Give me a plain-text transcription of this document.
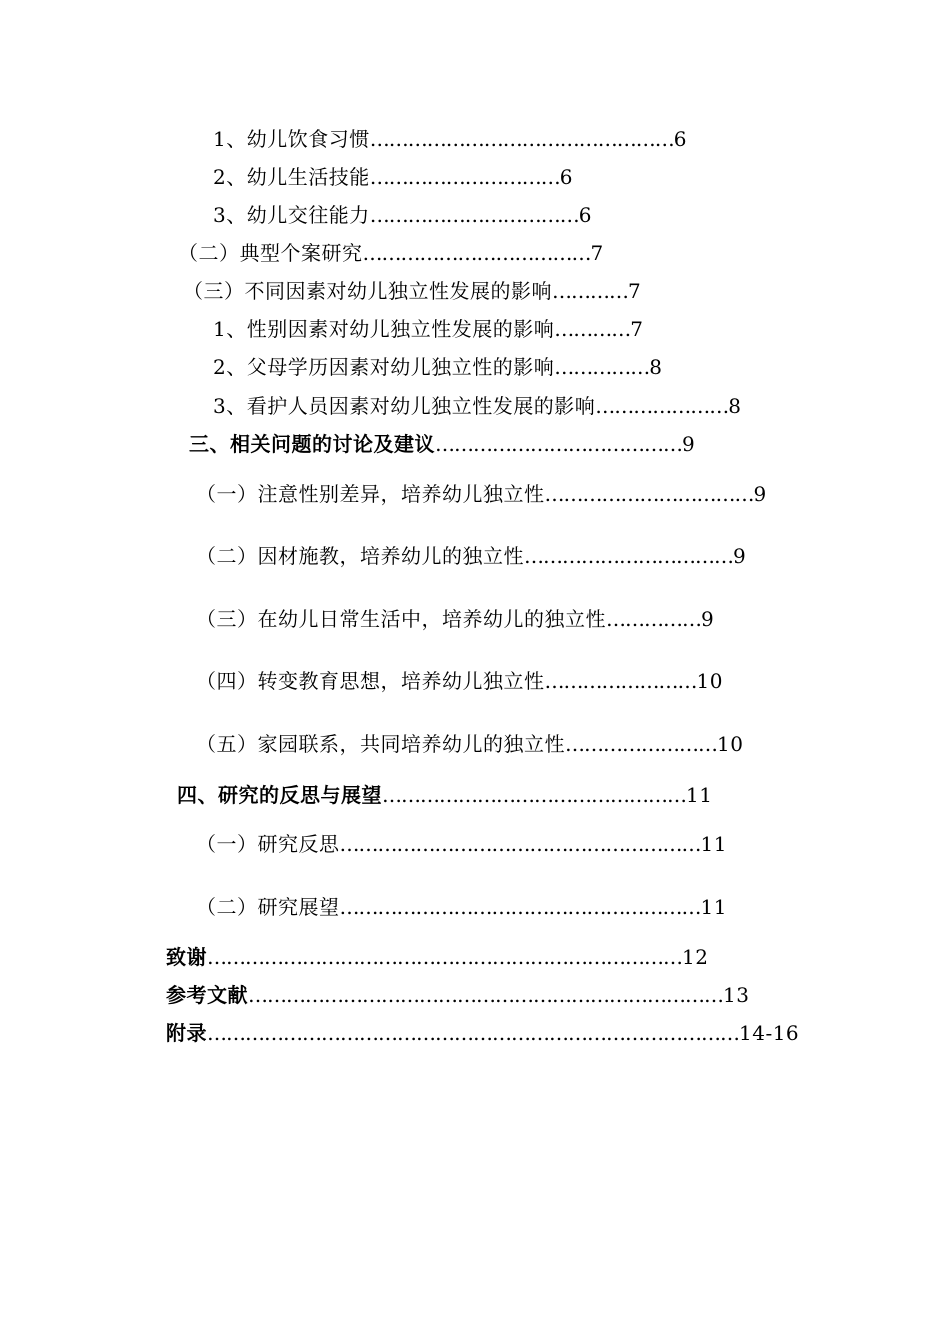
1、幼儿饮食习惯…………………………………………6
2、幼儿生活技能…………………………6
3、幼儿交往能力……………………………6
（二）典型个案研究………………………………7
（三）不同因素对幼儿独立性发展的影响…………7
1、性别因素对幼儿独立性发展的影响…………7
2、父母学历因素对幼儿独立性的影响……………8
3、看护人员因素对幼儿独立性发展的影响…………………8
三、相关问题的讨论及建议…………………………………9
（一）注意性别差异，培养幼儿独立性……………………………9
（二）因材施教，培养幼儿的独立性……………………………9
（三）在幼儿日常生活中，培养幼儿的独立性……………9
（四）转变教育思想，培养幼儿独立性……………………10
（五）家园联系，共同培养幼儿的独立性……………………10
四、研究的反思与展望…………………………………………11
（一）研究反思…………………………………………………11
（二）研究展望…………………………………………………11
致谢…………………………………………………………………12
参考文献…………………………………………………………………13
附录…………………………………………………………………………14-16
